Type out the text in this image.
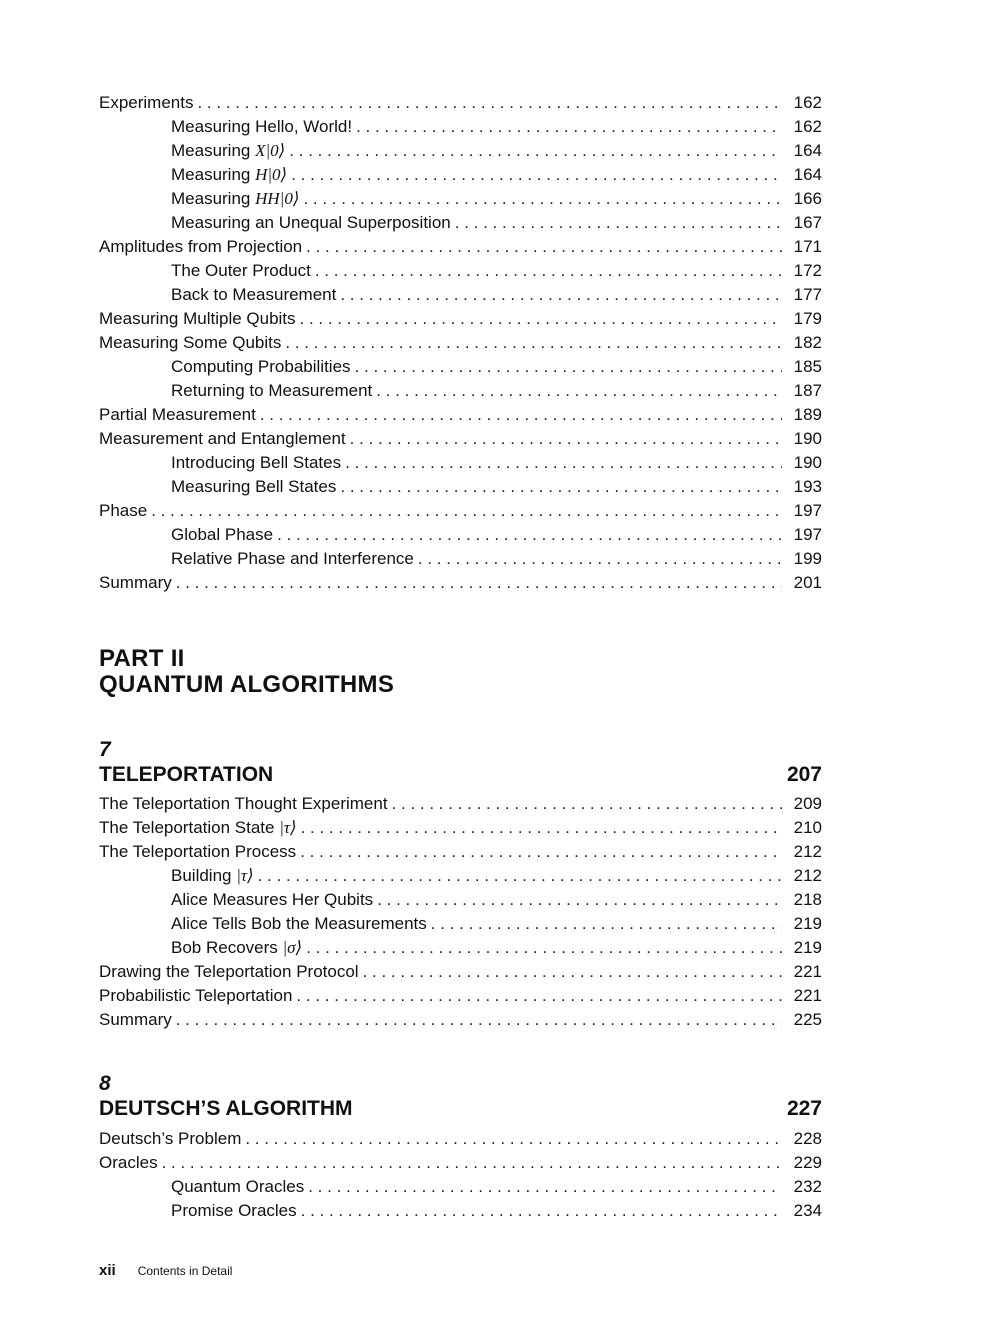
Experiments . . .	162
Measuring Hello, World! . . .	162
Measuring X|0⟩ . . .	164
Measuring H|0⟩ . . .	164
Measuring HH|0⟩ . . .	166
Measuring an Unequal Superposition . . .	167
Amplitudes from Projection . . .	171
The Outer Product . . .	172
Back to Measurement . . .	177
Measuring Multiple Qubits . . .	179
Measuring Some Qubits . . .	182
Computing Probabilities . . .	185
Returning to Measurement . . .	187
Partial Measurement . . .	189
Measurement and Entanglement . . .	190
Introducing Bell States . . .	190
Measuring Bell States . . .	193
Phase . . .	197
Global Phase . . .	197
Relative Phase and Interference . . .	199
Summary . . .	201
PART II
QUANTUM ALGORITHMS
7
TELEPORTATION	207
The Teleportation Thought Experiment . . .	209
The Teleportation State |τ⟩ . . .	210
The Teleportation Process . . .	212
Building |τ⟩ . . .	212
Alice Measures Her Qubits . . .	218
Alice Tells Bob the Measurements . . .	219
Bob Recovers |σ⟩ . . .	219
Drawing the Teleportation Protocol . . .	221
Probabilistic Teleportation . . .	221
Summary . . .	225
8
DEUTSCH’S ALGORITHM	227
Deutsch’s Problem . . .	228
Oracles . . .	229
Quantum Oracles . . .	232
Promise Oracles . . .	234
xii Contents in Detail
